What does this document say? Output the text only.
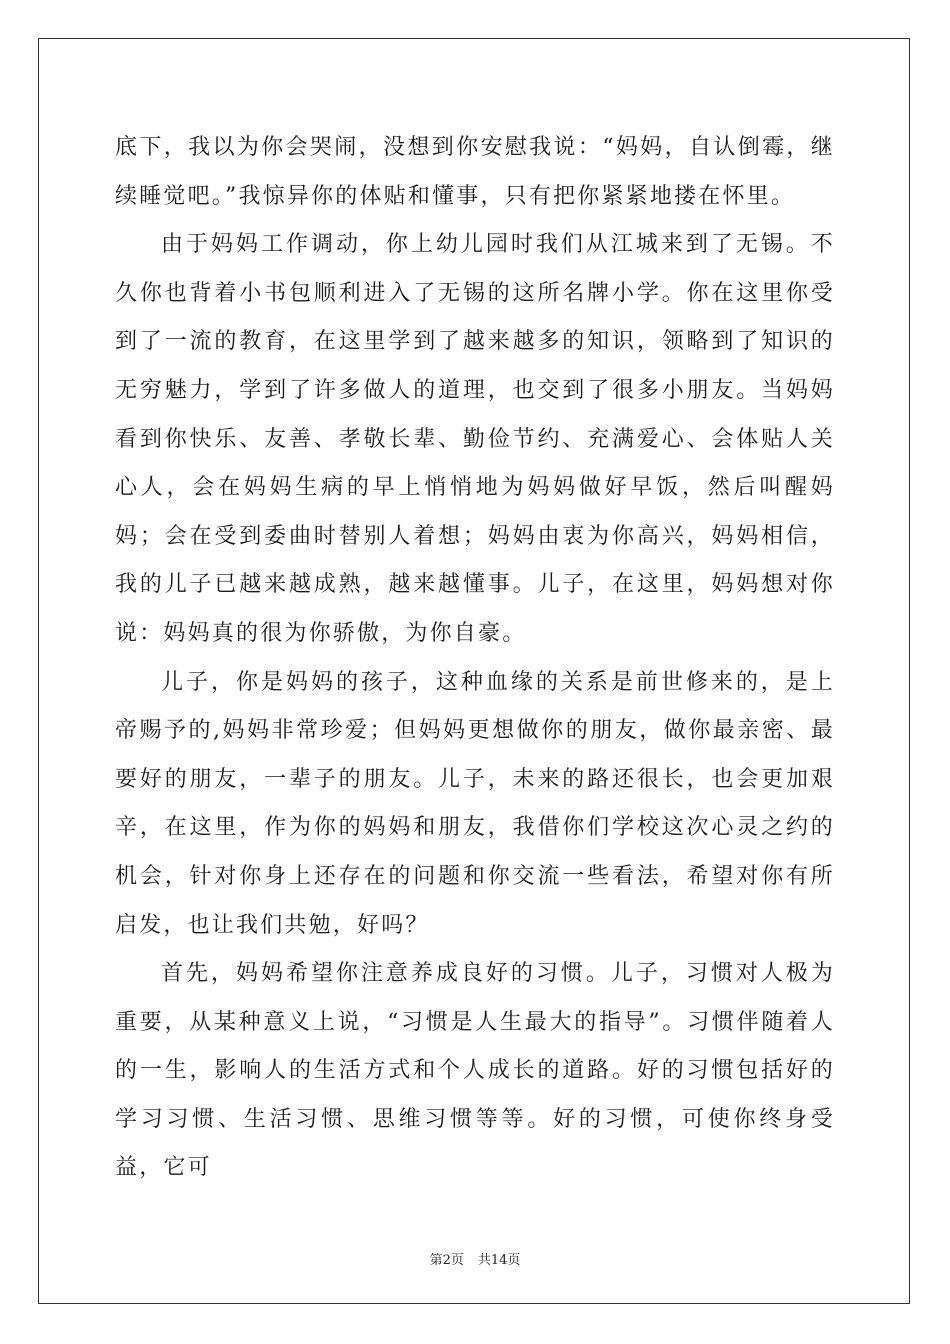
底下，我以为你会哭闹，没想到你安慰我说：“妈妈，自认倒霉，继续睡觉吧。”我惊异你的体贴和懂事，只有把你紧紧地搂在怀里。

由于妈妈工作调动，你上幼儿园时我们从江城来到了无锡。不久你也背着小书包顺利进入了无锡的这所名牌小学。你在这里你受到了一流的教育，在这里学到了越来越多的知识，领略到了知识的无穷魅力，学到了许多做人的道理，也交到了很多小朋友。当妈妈看到你快乐、友善、孝敬长辈、勤俭节约、充满爱心、会体贴人关心人，会在妈妈生病的早上悄悄地为妈妈做好早饭，然后叫醒妈妈；会在受到委曲时替别人着想；妈妈由衷为你高兴，妈妈相信，我的儿子已越来越成熟，越来越懂事。儿子，在这里，妈妈想对你说：妈妈真的很为你骄傲，为你自豪。

儿子，你是妈妈的孩子，这种血缘的关系是前世修来的，是上帝赐予的,妈妈非常珍爱；但妈妈更想做你的朋友，做你最亲密、最要好的朋友，一辈子的朋友。儿子，未来的路还很长，也会更加艰辛，在这里，作为你的妈妈和朋友，我借你们学校这次心灵之约的机会，针对你身上还存在的问题和你交流一些看法，希望对你有所启发，也让我们共勉，好吗？

首先，妈妈希望你注意养成良好的习惯。儿子，习惯对人极为重要，从某种意义上说，“习惯是人生最大的指导”。习惯伴随着人的一生，影响人的生活方式和个人成长的道路。好的习惯包括好的学习习惯、生活习惯、思维习惯等等。好的习惯，可使你终身受益，它可

第2页 共14页
